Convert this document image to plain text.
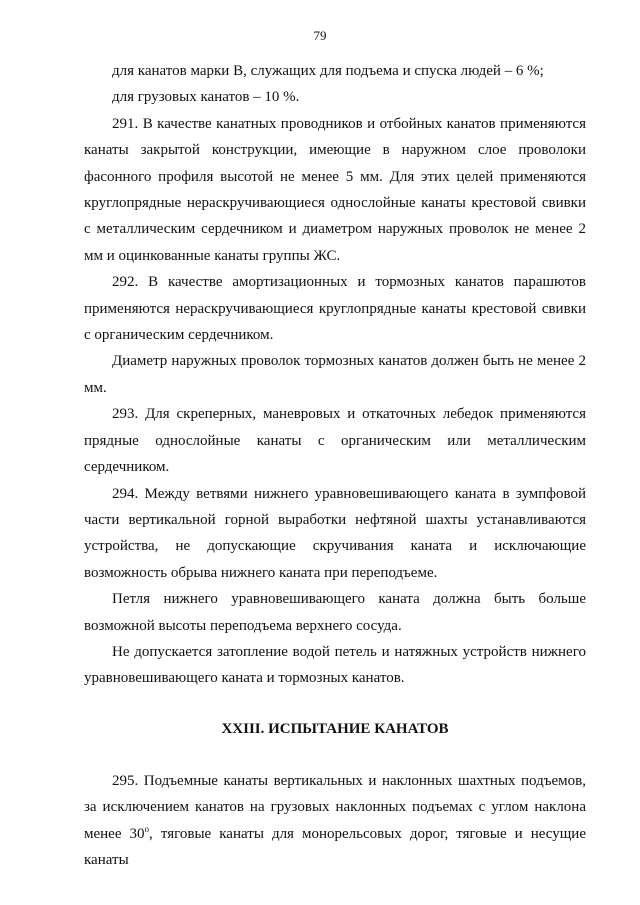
79

для канатов марки В, служащих для подъема и спуска людей – 6 %;

для грузовых канатов – 10 %.

291. В качестве канатных проводников и отбойных канатов применяются канаты закрытой конструкции, имеющие в наружном слое проволоки фасонного профиля высотой не менее 5 мм. Для этих целей применяются круглопрядные нераскручивающиеся однослойные канаты крестовой свивки с металлическим сердечником и диаметром наружных проволок не менее 2 мм и оцинкованные канаты группы ЖС.

292. В качестве амортизационных и тормозных канатов парашютов применяются нераскручивающиеся круглопрядные канаты крестовой свивки с органическим сердечником.

Диаметр наружных проволок тормозных канатов должен быть не менее 2 мм.

293. Для скреперных, маневровых и откаточных лебедок применяются прядные однослойные канаты с органическим или металлическим сердечником.

294. Между ветвями нижнего уравновешивающего каната в зумпфовой части вертикальной горной выработки нефтяной шахты устанавливаются устройства, не допускающие скручивания каната и исключающие возможность обрыва нижнего каната при переподъеме.

Петля нижнего уравновешивающего каната должна быть больше возможной высоты переподъема верхнего сосуда.

Не допускается затопление водой петель и натяжных устройств нижнего уравновешивающего каната и тормозных канатов.

XXIII. ИСПЫТАНИЕ КАНАТОВ

295. Подъемные канаты вертикальных и наклонных шахтных подъемов, за исключением канатов на грузовых наклонных подъемах с углом наклона менее 30$^o$, тяговые канаты для монорельсовых дорог, тяговые и несущие канаты
